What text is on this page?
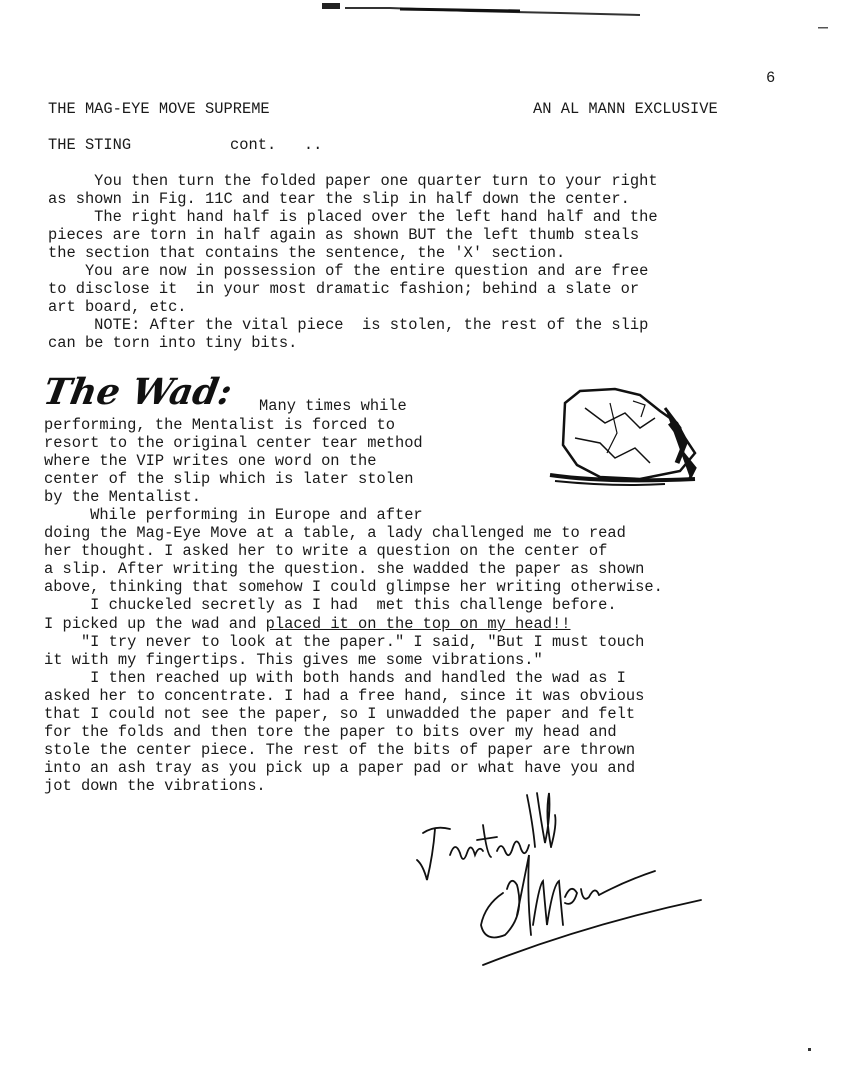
6
THE MAG-EYE MOVE SUPREME	AN AL MANN EXCLUSIVE
THE STING	cont.   ..
You then turn the folded paper one quarter turn to your right
as shown in Fig. 11C and tear the slip in half down the center.
The right hand half is placed over the left hand half and the
pieces are torn in half again as shown BUT the left thumb steals
the section that contains the sentence, the 'X' section.
You are now in possession of the entire question and are free
to disclose it  in your most dramatic fashion; behind a slate or
art board, etc.
NOTE: After the vital piece  is stolen, the rest of the slip
can be torn into tiny bits.
The Wad: Many times while
performing, the Mentalist is forced to
resort to the original center tear method
where the VIP writes one word on the
center of the slip which is later stolen
by the Mentalist.
While performing in Europe and after
doing the Mag-Eye Move at a table, a lady challenged me to read
her thought. I asked her to write a question on the center of
a slip. After writing the question. she wadded the paper as shown
above, thinking that somehow I could glimpse her writing otherwise.
I chuckeled secretly as I had  met this challenge before.
I picked up the wad and placed it on the top on my head!!
"I try never to look at the paper." I said, "But I must touch
it with my fingertips. This gives me some vibrations."
I then reached up with both hands and handled the wad as I
asked her to concentrate. I had a free hand, since it was obvious
that I could not see the paper, so I unwadded the paper and felt
for the folds and then tore the paper to bits over my head and
stole the center piece. The rest of the bits of paper are thrown
into an ash tray as you pick up a paper pad or what have you and
jot down the vibrations.
